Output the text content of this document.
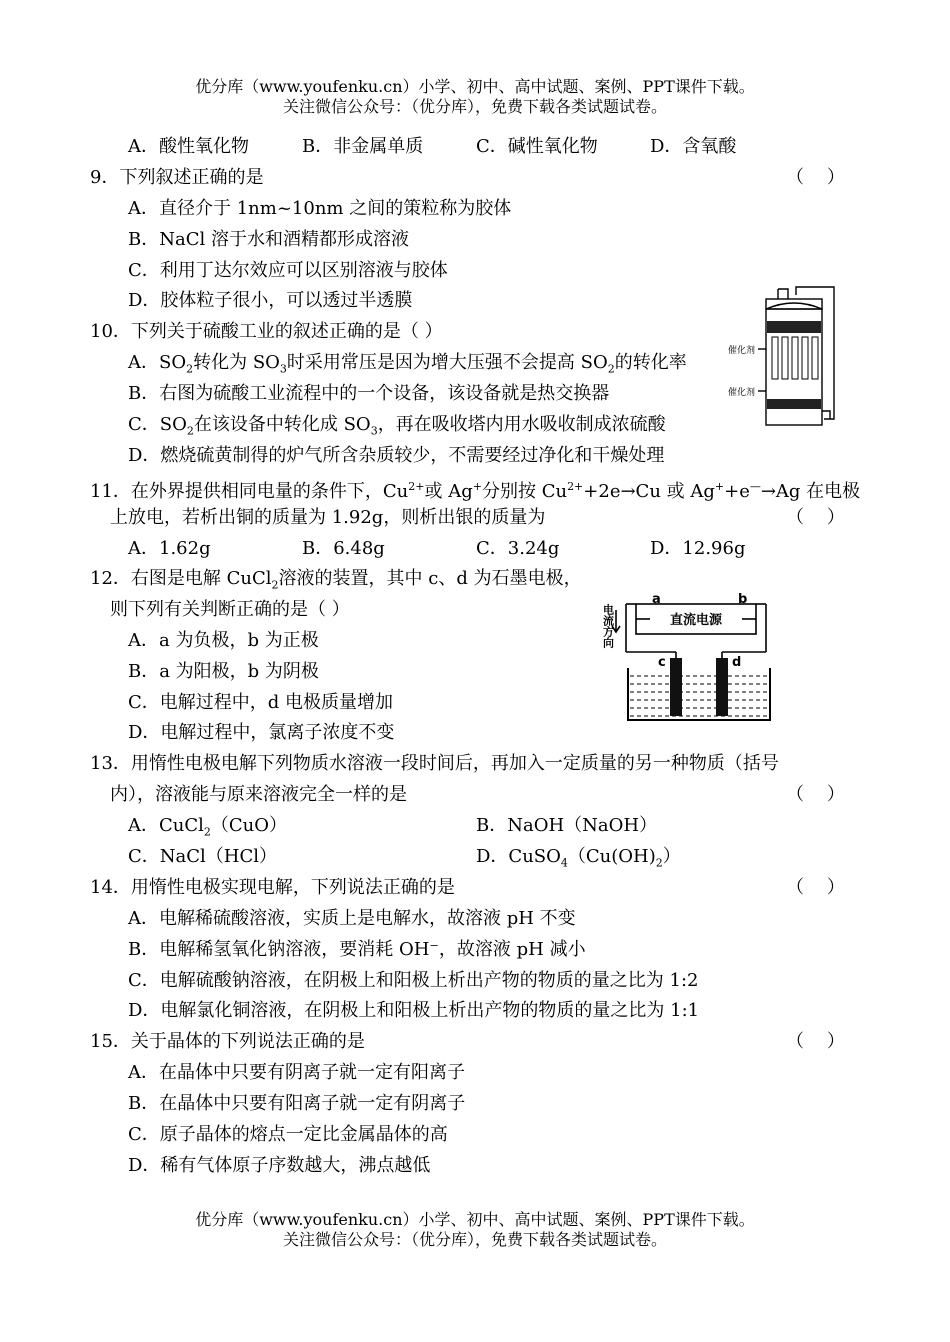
优分库（www.youfenku.cn）小学、初中、高中试题、案例、PPT课件下载。
关注微信公众号：（优分库），免费下载各类试题试卷。
A．酸性氧化物	B．非金属单质	C．碱性氧化物	D．含氧酸
9．下列叙述正确的是	（    ）
A．直径介于 1nm~10nm 之间的策粒称为胶体
B．NaCl 溶于水和酒精都形成溶液
C．利用丁达尔效应可以区别溶液与胶体
D．胶体粒子很小，可以透过半透膜
10．下列关于硫酸工业的叙述正确的是（ ）
A．$SO_2$转化为 $SO_3$时采用常压是因为增大压强不会提高 $SO_2$的转化率
B．右图为硫酸工业流程中的一个设备，该设备就是热交换器
C．$SO_2$在该设备中转化成 $SO_3$，再在吸收塔内用水吸收制成浓硫酸
D．燃烧硫黄制得的炉气所含杂质较少，不需要经过净化和干燥处理
催化剂
催化剂
11．在外界提供相同电量的条件下，$Cu^{2+}$或 Ag+分别按 $Cu^{2+}+2e\to Cu$ 或 Ag++e—→Ag 在电极
上放电，若析出铜的质量为 1.92g，则析出银的质量为	（    ）
A．1.62g	B．6.48g	C．3.24g	D．12.96g
12．右图是电解 CuCl$_2$溶液的装置，其中 c、d 为石墨电极，
则下列有关判断正确的是（ ）
A．a 为负极，b 为正极
B．a 为阳极，b 为阴极
C．电解过程中，d 电极质量增加
D．电解过程中，氯离子浓度不变
直流电源
电流方向
a	b
c	d
13．用惰性电极电解下列物质水溶液一段时间后，再加入一定质量的另一种物质（括号
内），溶液能与原来溶液完全一样的是	（    ）
A．CuCl$_2$（CuO）	B．NaOH（NaOH）
C．NaCl（HCl）	D．$CuSO_4(Cu(OH)_2)$
14．用惰性电极实现电解，下列说法正确的是	（    ）
A．电解稀硫酸溶液，实质上是电解水，故溶液 pH 不变
B．电解稀氢氧化钠溶液，要消耗 OH⁻，故溶液 pH 减小
C．电解硫酸钠溶液，在阴极上和阳极上析出产物的物质的量之比为 1:2
D．电解氯化铜溶液，在阴极上和阳极上析出产物的物质的量之比为 1:1
15．关于晶体的下列说法正确的是	（    ）
A．在晶体中只要有阴离子就一定有阳离子
B．在晶体中只要有阳离子就一定有阴离子
C．原子晶体的熔点一定比金属晶体的高
D．稀有气体原子序数越大，沸点越低
优分库（www.youfenku.cn）小学、初中、高中试题、案例、PPT课件下载。
关注微信公众号：（优分库），免费下载各类试题试卷。
